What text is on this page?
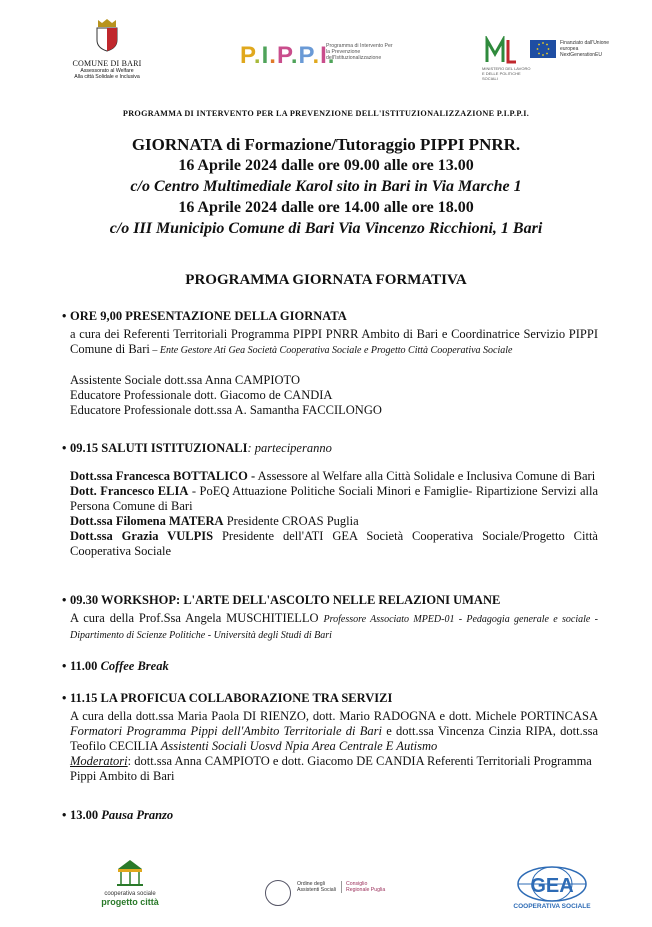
COMUNE DI BARI
Assessorato al Welfare
Alla città Solidale e Inclusiva
P.I.P.P.I.
Programma di Intervento Per la Prevenzione dell'Istituzionalizzazione
MINISTERO DEL LAVORO E DELLE POLITICHE SOCIALI
Finanziato dall'Unione europea NextGenerationEU
PROGRAMMA DI INTERVENTO PER LA PREVENZIONE DELL'ISTITUZIONALIZZAZIONE P.I.P.P.I.
GIORNATA di Formazione/Tutoraggio PIPPI PNRR.
16 Aprile 2024 dalle ore 09.00 alle ore 13.00
c/o Centro Multimediale Karol sito in Bari in Via Marche 1
16 Aprile 2024 dalle ore 14.00 alle ore 18.00
c/o III Municipio Comune di Bari Via Vincenzo Ricchioni, 1 Bari
PROGRAMMA GIORNATA FORMATIVA
• ORE 9,00 PRESENTAZIONE DELLA GIORNATA
a cura dei Referenti Territoriali Programma PIPPI PNRR Ambito di Bari e Coordinatrice Servizio PIPPI Comune di Bari – Ente Gestore Ati Gea Società Cooperativa Sociale e Progetto Città Cooperativa Sociale
Assistente Sociale dott.ssa Anna CAMPIOTO
Educatore Professionale dott. Giacomo de CANDIA
Educatore Professionale dott.ssa A. Samantha FACCILONGO
• 09.15 SALUTI ISTITUZIONALI: parteciperanno
Dott.ssa Francesca BOTTALICO - Assessore al Welfare alla Città Solidale e Inclusiva Comune di Bari
Dott. Francesco ELIA - PoEQ Attuazione Politiche Sociali Minori e Famiglie- Ripartizione Servizi alla Persona Comune di Bari
Dott.ssa Filomena MATERA Presidente CROAS Puglia
Dott.ssa Grazia VULPIS Presidente dell'ATI GEA Società Cooperativa Sociale/Progetto Città Cooperativa Sociale
• 09.30 WORKSHOP: L'ARTE DELL'ASCOLTO NELLE RELAZIONI UMANE
A cura della Prof.Ssa Angela MUSCHITIELLO Professore Associato MPED-01 - Pedagogia generale e sociale - Dipartimento di Scienze Politiche - Università degli Studi di Bari
• 11.00 Coffee Break
• 11.15 LA PROFICUA COLLABORAZIONE TRA SERVIZI
A cura della dott.ssa Maria Paola DI RIENZO, dott. Mario RADOGNA e dott. Michele PORTINCASA Formatori Programma Pippi dell'Ambito Territoriale di Bari e dott.ssa Vincenza Cinzia RIPA, dott.ssa Teofilo CECILIA Assistenti Sociali Uosvd Npia Area Centrale E Autismo
Moderatori: dott.ssa Anna CAMPIOTO e dott. Giacomo DE CANDIA Referenti Territoriali Programma Pippi Ambito di Bari
• 13.00 Pausa Pranzo
cooperativa sociale
progetto città
Ordine degli Assistenti Sociali
Consiglio Regionale Puglia	GEA
COOPERATIVA SOCIALE
